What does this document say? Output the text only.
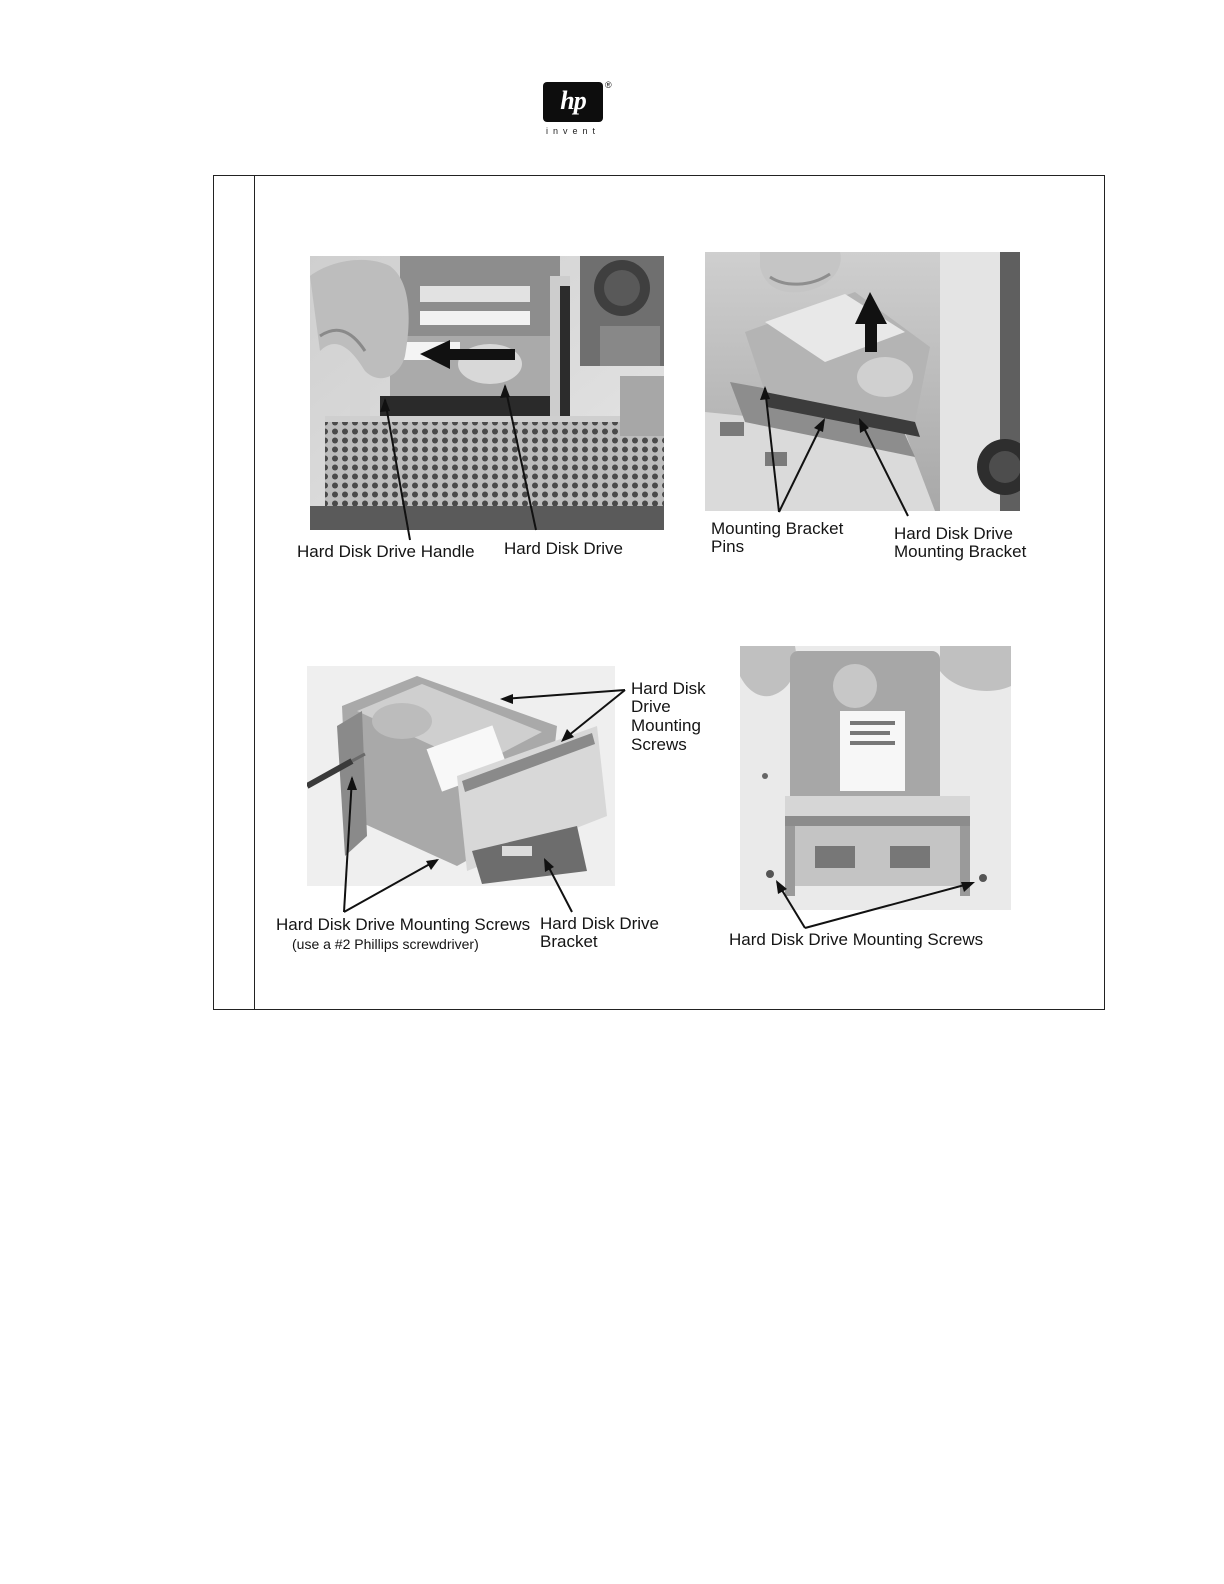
hp
®
invent
Hard Disk Drive Handle Hard Disk Drive
Mounting Bracket
Pins
Hard Disk Drive
Mounting Bracket
Hard Disk
Drive
Mounting
Screws
Hard Disk Drive Mounting Screws
(use a #2 Phillips screwdriver)
Hard Disk Drive
Bracket	Hard Disk Drive Mounting Screws
